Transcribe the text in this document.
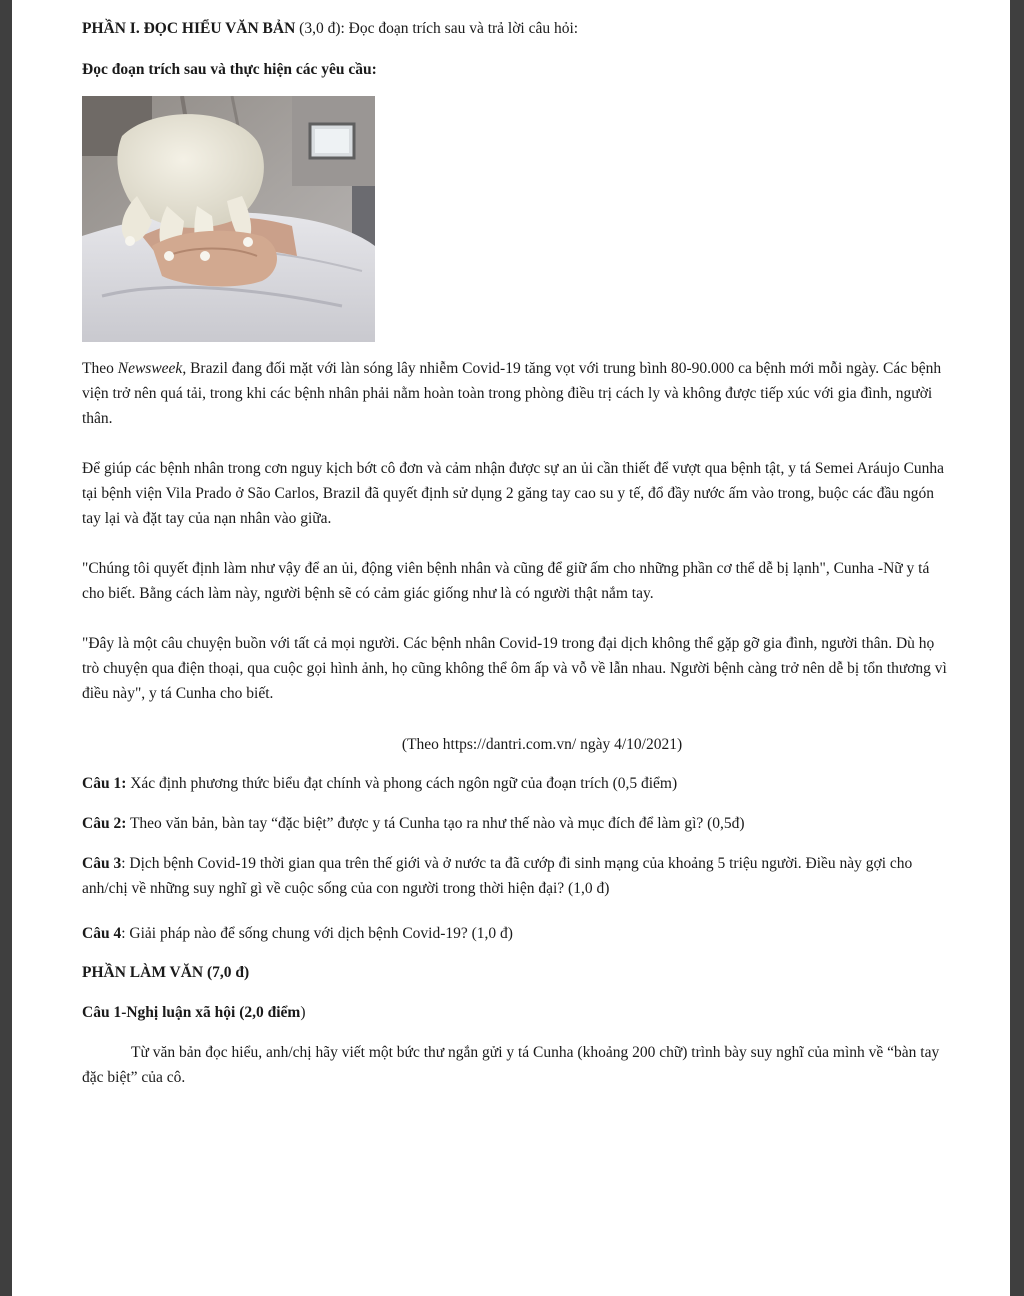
PHẦN I. ĐỌC HIỂU VĂN BẢN (3,0 đ): Đọc đoạn trích sau và trả lời câu hỏi:
Đọc đoạn trích sau và thực hiện các yêu cầu:

Theo Newsweek, Brazil đang đối mặt với làn sóng lây nhiễm Covid-19 tăng vọt với trung bình 80-90.000 ca bệnh mới mỗi ngày. Các bệnh viện trở nên quá tải, trong khi các bệnh nhân phải nằm hoàn toàn trong phòng điều trị cách ly và không được tiếp xúc với gia đình, người thân.

Để giúp các bệnh nhân trong cơn nguy kịch bớt cô đơn và cảm nhận được sự an ủi cần thiết để vượt qua bệnh tật, y tá Semei Aráujo Cunha tại bệnh viện Vila Prado ở São Carlos, Brazil đã quyết định sử dụng 2 găng tay cao su y tế, đổ đầy nước ấm vào trong, buộc các đầu ngón tay lại và đặt tay của nạn nhân vào giữa.

"Chúng tôi quyết định làm như vậy để an ủi, động viên bệnh nhân và cũng để giữ ấm cho những phần cơ thể dễ bị lạnh", Cunha -Nữ y tá cho biết. Bằng cách làm này, người bệnh sẽ có cảm giác giống như là có người thật nắm tay.

"Đây là một câu chuyện buồn với tất cả mọi người. Các bệnh nhân Covid-19 trong đại dịch không thể gặp gỡ gia đình, người thân. Dù họ trò chuyện qua điện thoại, qua cuộc gọi hình ảnh, họ cũng không thể ôm ấp và vỗ về lẫn nhau. Người bệnh càng trở nên dễ bị tổn thương vì điều này", y tá Cunha cho biết.

(Theo https://dantri.com.vn/ ngày 4/10/2021)

Câu 1: Xác định phương thức biểu đạt chính và phong cách ngôn ngữ của đoạn trích (0,5 điểm)

Câu 2: Theo văn bản, bàn tay “đặc biệt” được y tá Cunha tạo ra như thế nào và mục đích để làm gì? (0,5đ)

Câu 3: Dịch bệnh Covid-19 thời gian qua trên thế giới và ở nước ta đã cướp đi sinh mạng của khoảng 5 triệu người. Điều này gợi cho anh/chị về những suy nghĩ gì về cuộc sống của con người trong thời hiện đại? (1,0 đ)

Câu 4: Giải pháp nào để sống chung với dịch bệnh Covid-19? (1,0 đ)

PHẦN LÀM VĂN (7,0 đ)
Câu 1-Nghị luận xã hội (2,0 điểm)

Từ văn bản đọc hiểu, anh/chị hãy viết một bức thư ngắn gửi y tá Cunha (khoảng 200 chữ) trình bày suy nghĩ của mình về “bàn tay đặc biệt” của cô.
